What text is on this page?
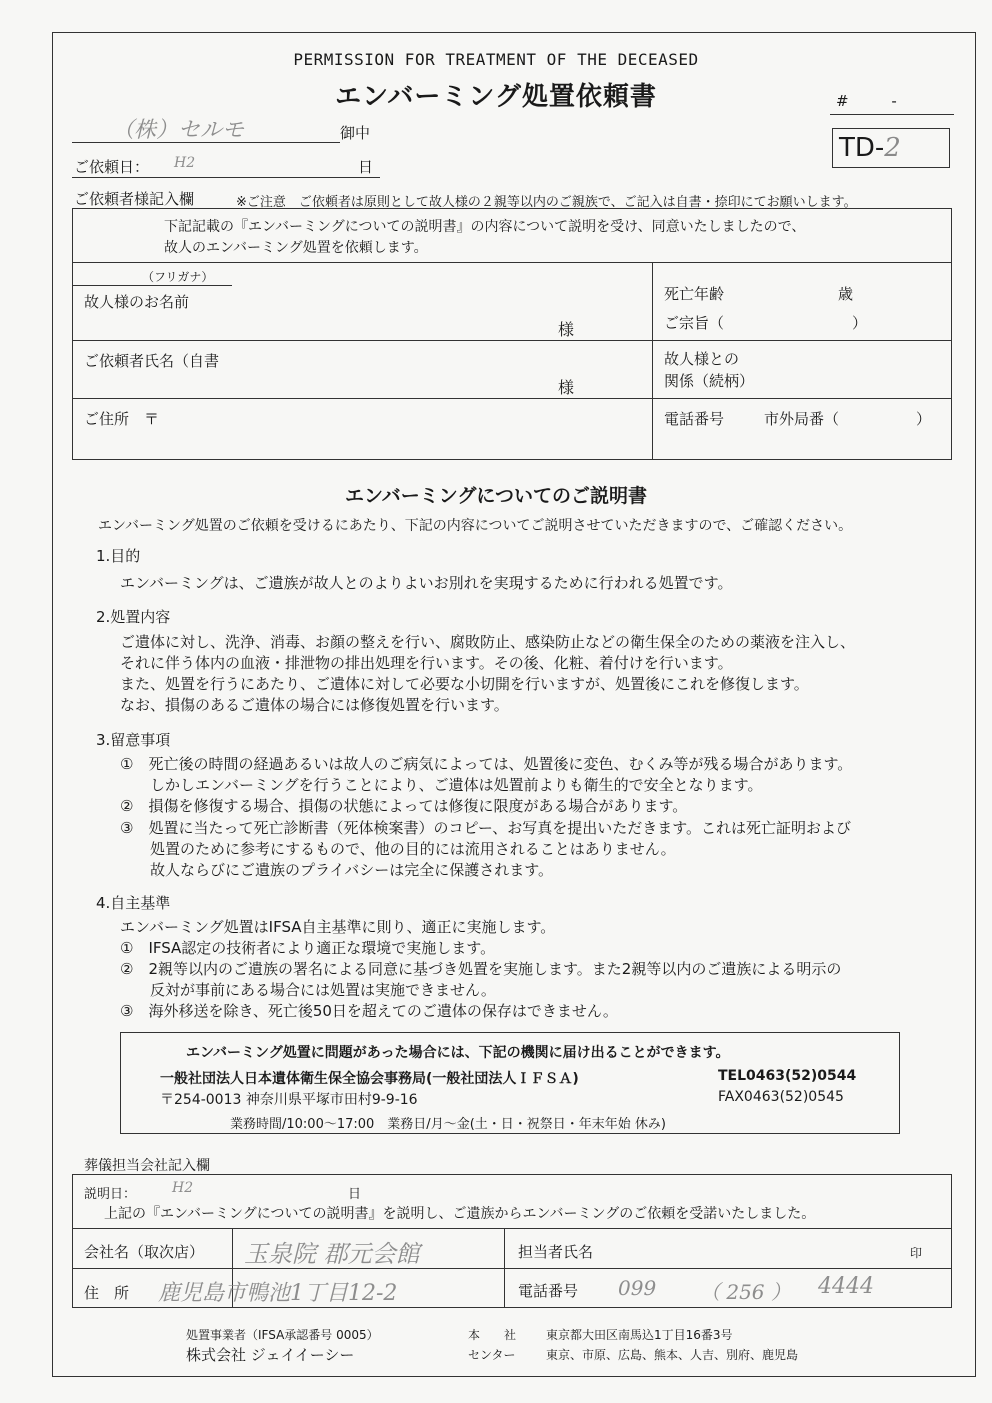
PERMISSION FOR TREATMENT OF THE DECEASED
エンバーミング処置依頼書	#	-
TD-2
（株）セルモ	御中
ご依頼日： H2	日
ご依頼者様記入欄	※ご注意　ご依頼者は原則として故人様の２親等以内のご親族で、ご記入は自書・捺印にてお願いします。
下記記載の『エンバーミングについての説明書』の内容について説明を受け、同意いたしましたので、
故人のエンバーミング処置を依頼します。
（フリガナ）
故人様のお名前
様
死亡年齢	歳
ご宗旨（	）
ご依頼者氏名（自書
様
故人様との
関係（続柄）
ご住所　〒	電話番号	市外局番（	）
エンバーミングについてのご説明書
エンバーミング処置のご依頼を受けるにあたり、下記の内容についてご説明させていただきますので、ご確認ください。
1.目的
エンバーミングは、ご遺族が故人とのよりよいお別れを実現するために行われる処置です。
2.処置内容
ご遺体に対し、洗浄、消毒、お顔の整えを行い、腐敗防止、感染防止などの衛生保全のための薬液を注入し、
それに伴う体内の血液・排泄物の排出処理を行います。その後、化粧、着付けを行います。
また、処置を行うにあたり、ご遺体に対して必要な小切開を行いますが、処置後にこれを修復します。
なお、損傷のあるご遺体の場合には修復処置を行います。
3.留意事項
①　死亡後の時間の経過あるいは故人のご病気によっては、処置後に変色、むくみ等が残る場合があります。
　　しかしエンバーミングを行うことにより、ご遺体は処置前よりも衛生的で安全となります。
②　損傷を修復する場合、損傷の状態によっては修復に限度がある場合があります。
③　処置に当たって死亡診断書（死体検案書）のコピー、お写真を提出いただきます。これは死亡証明および
　　処置のために参考にするもので、他の目的には流用されることはありません。
　　故人ならびにご遺族のプライバシーは完全に保護されます。
4.自主基準
エンバーミング処置はIFSA自主基準に則り、適正に実施します。
①　IFSA認定の技術者により適正な環境で実施します。
②　2親等以内のご遺族の署名による同意に基づき処置を実施します。また2親等以内のご遺族による明示の
　　反対が事前にある場合には処置は実施できません。
③　海外移送を除き、死亡後50日を超えてのご遺体の保存はできません。
エンバーミング処置に問題があった場合には、下記の機関に届け出ることができます。
一般社団法人日本遺体衛生保全協会事務局(一般社団法人ＩＦＳＡ)	TEL0463(52)0544
〒254-0013 神奈川県平塚市田村9-9-16	FAX0463(52)0545
業務時間/10:00～17:00　業務日/月～金(土・日・祝祭日・年末年始 休み)
葬儀担当会社記入欄
説明日：	H2	日
上記の『エンバーミングについての説明書』を説明し、ご遺族からエンバーミングのご依頼を受諾いたしました。
会社名（取次店） 玉泉院 郡元会館	担当者氏名	印
住　所 鹿児島市鴨池1丁目12-2	電話番号 099 （ 256 ） 4444
処置事業者（IFSA承認番号 0005）
株式会社 ジェイイーシー
本　　社 東京都大田区南馬込1丁目16番3号
センター	東京、市原、広島、熊本、人吉、別府、鹿児島
